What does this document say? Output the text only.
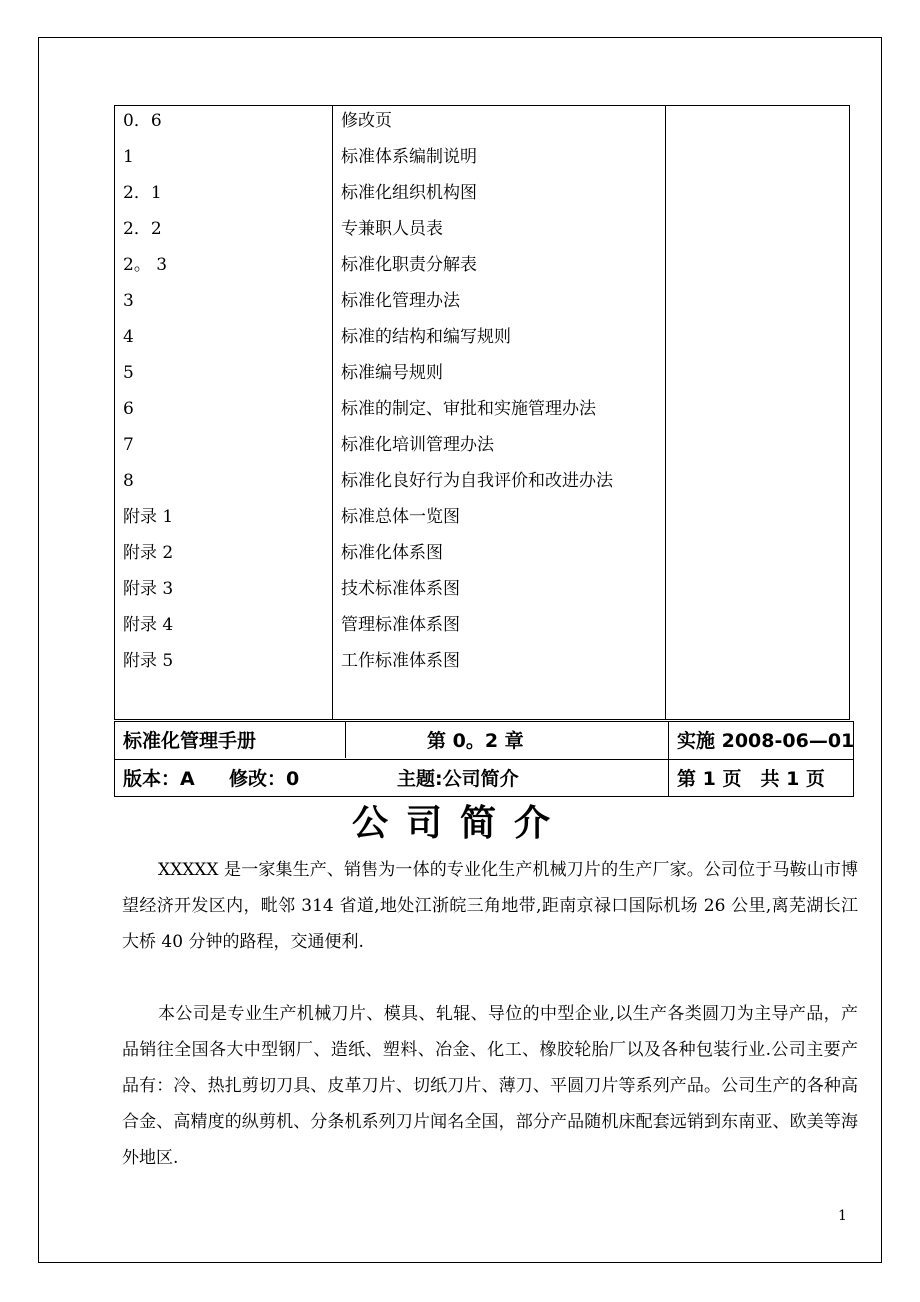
0．6	修改页
1	标准体系编制说明
2．1	标准化组织机构图
2．2	专兼职人员表
2。 3	标准化职责分解表
3	标准化管理办法
4	标准的结构和编写规则
5	标准编号规则
6	标准的制定、审批和实施管理办法
7	标准化培训管理办法
8	标准化良好行为自我评价和改进办法
附录 1	标准总体一览图
附录 2	标准化体系图
附录 3	技术标准体系图
附录 4	管理标准体系图
附录 5	工作标准体系图
标准化管理手册	第 0。2 章	实施 2008-06—01
版本：A 修改：0	主题:公司简介	第 1 页　共 1 页
公司简介

XXXXX 是一家集生产、销售为一体的专业化生产机械刀片的生产厂家。公司位于马鞍山市博望经济开发区内，毗邻 314 省道,地处江浙皖三角地带,距南京禄口国际机场 26 公里,离芜湖长江大桥 40 分钟的路程，交通便利.

本公司是专业生产机械刀片、模具、轧辊、导位的中型企业,以生产各类圆刀为主导产品，产品销往全国各大中型钢厂、造纸、塑料、冶金、化工、橡胶轮胎厂以及各种包装行业.公司主要产品有：冷、热扎剪切刀具、皮革刀片、切纸刀片、薄刀、平圆刀片等系列产品。公司生产的各种高合金、高精度的纵剪机、分条机系列刀片闻名全国，部分产品随机床配套远销到东南亚、欧美等海外地区.

1
